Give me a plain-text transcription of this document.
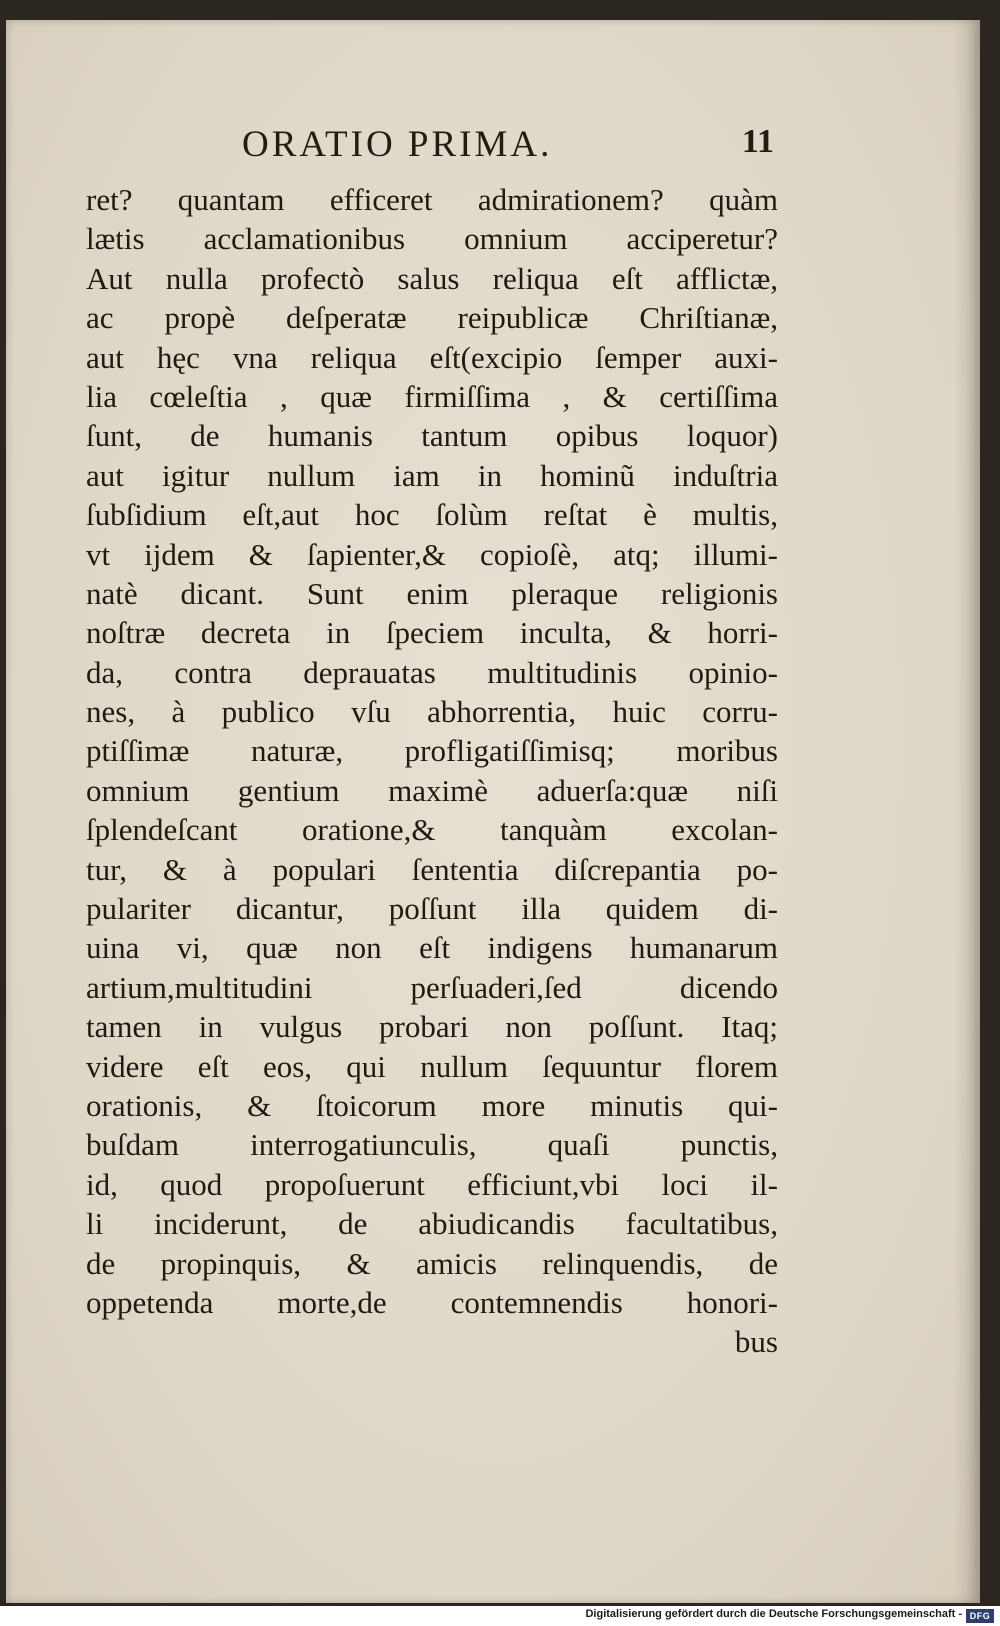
ORATIO PRIMA.	11
ret? quantam efficeret admirationem? quàm
lætis acclamationibus omnium acciperetur?
Aut nulla profectò salus reliqua eſt afflictæ,
ac propè deſperatæ reipublicæ Chriſtianæ,
aut hęc vna reliqua eſt(excipio ſemper auxi-
lia cœleſtia , quæ firmiſſima , & certiſſima
ſunt, de humanis tantum opibus loquor)
aut igitur nullum iam in hominũ induſtria
ſubſidium eſt,aut hoc ſolùm reſtat è multis,
vt ijdem & ſapienter,& copioſè, atq; illumi-
natè dicant. Sunt enim pleraque religionis
noſtræ decreta in ſpeciem inculta, & horri-
da, contra deprauatas multitudinis opinio-
nes, à publico vſu abhorrentia, huic corru-
ptiſſimæ naturæ, profligatiſſimisq; moribus
omnium gentium maximè aduerſa:quæ niſi
ſplendeſcant oratione,& tanquàm excolan-
tur, & à populari ſententia diſcrepantia po-
pulariter dicantur, poſſunt illa quidem di-
uina vi, quæ non eſt indigens humanarum
artium,multitudini perſuaderi,ſed dicendo
tamen in vulgus probari non poſſunt. Itaq;
videre eſt eos, qui nullum ſequuntur florem
orationis, & ſtoicorum more minutis qui-
buſdam interrogatiunculis, quaſi punctis,
id, quod propoſuerunt efficiunt,vbi loci il-
li inciderunt, de abiudicandis facultatibus,
de propinquis, & amicis relinquendis, de
oppetenda morte,de contemnendis honori-
bus
Digitalisierung gefördert durch die Deutsche Forschungsgemeinschaft - DFG
